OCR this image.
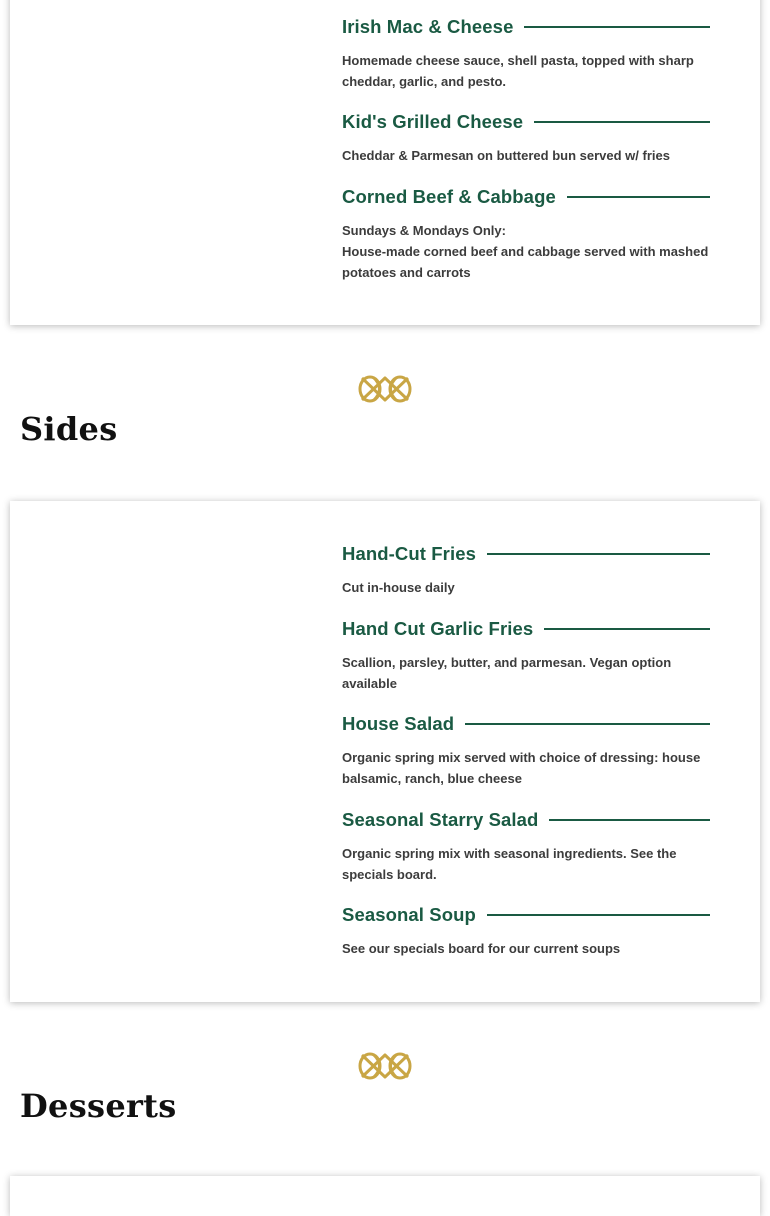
Irish Mac & Cheese
Homemade cheese sauce, shell pasta, topped with sharp cheddar, garlic, and pesto.
Kid's Grilled Cheese
Cheddar & Parmesan on buttered bun served w/ fries
Corned Beef & Cabbage
Sundays & Mondays Only:
House-made corned beef and cabbage served with mashed potatoes and carrots
Sides
Hand-Cut Fries
Cut in-house daily
Hand Cut Garlic Fries
Scallion, parsley, butter, and parmesan. Vegan option available
House Salad
Organic spring mix served with choice of dressing: house balsamic, ranch, blue cheese
Seasonal Starry Salad
Organic spring mix with seasonal ingredients. See the specials board.
Seasonal Soup
See our specials board for our current soups
Desserts
